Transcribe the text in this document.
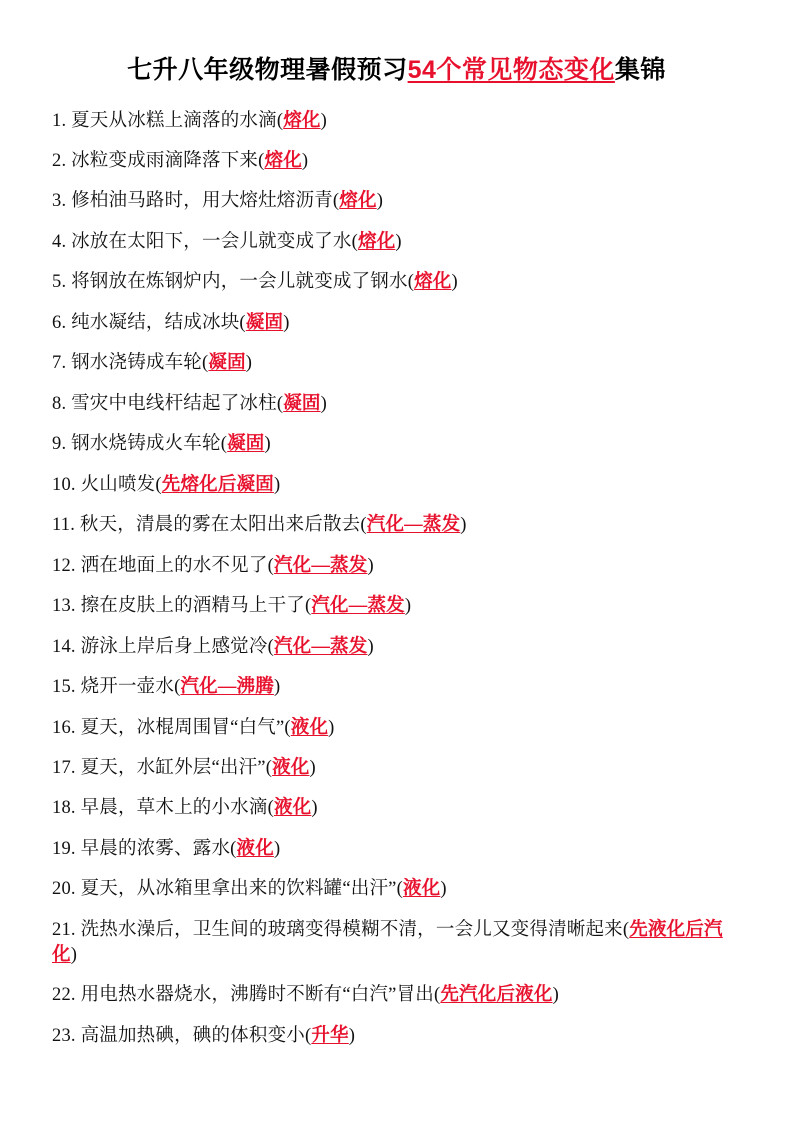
七升八年级物理暑假预习54个常见物态变化集锦

1. 夏天从冰糕上滴落的水滴(熔化)

2. 冰粒变成雨滴降落下来(熔化)

3. 修柏油马路时，用大熔灶熔沥青(熔化)

4. 冰放在太阳下，一会儿就变成了水(熔化)

5. 将钢放在炼钢炉内，一会儿就变成了钢水(熔化)

6. 纯水凝结，结成冰块(凝固)

7. 钢水浇铸成车轮(凝固)

8. 雪灾中电线杆结起了冰柱(凝固)

9. 钢水烧铸成火车轮(凝固)

10. 火山喷发(先熔化后凝固)

11. 秋天，清晨的雾在太阳出来后散去(汽化—蒸发)

12. 洒在地面上的水不见了(汽化—蒸发)

13. 擦在皮肤上的酒精马上干了(汽化—蒸发)

14. 游泳上岸后身上感觉冷(汽化—蒸发)

15. 烧开一壶水(汽化—沸腾)

16. 夏天，冰棍周围冒“白气”(液化)

17. 夏天，水缸外层“出汗”(液化)

18. 早晨，草木上的小水滴(液化)

19. 早晨的浓雾、露水(液化)

20. 夏天，从冰箱里拿出来的饮料罐“出汗”(液化)

21. 洗热水澡后，卫生间的玻璃变得模糊不清，一会儿又变得清晰起来(先液化后汽化)

22. 用电热水器烧水，沸腾时不断有“白汽”冒出(先汽化后液化)

23. 高温加热碘，碘的体积变小(升华)
